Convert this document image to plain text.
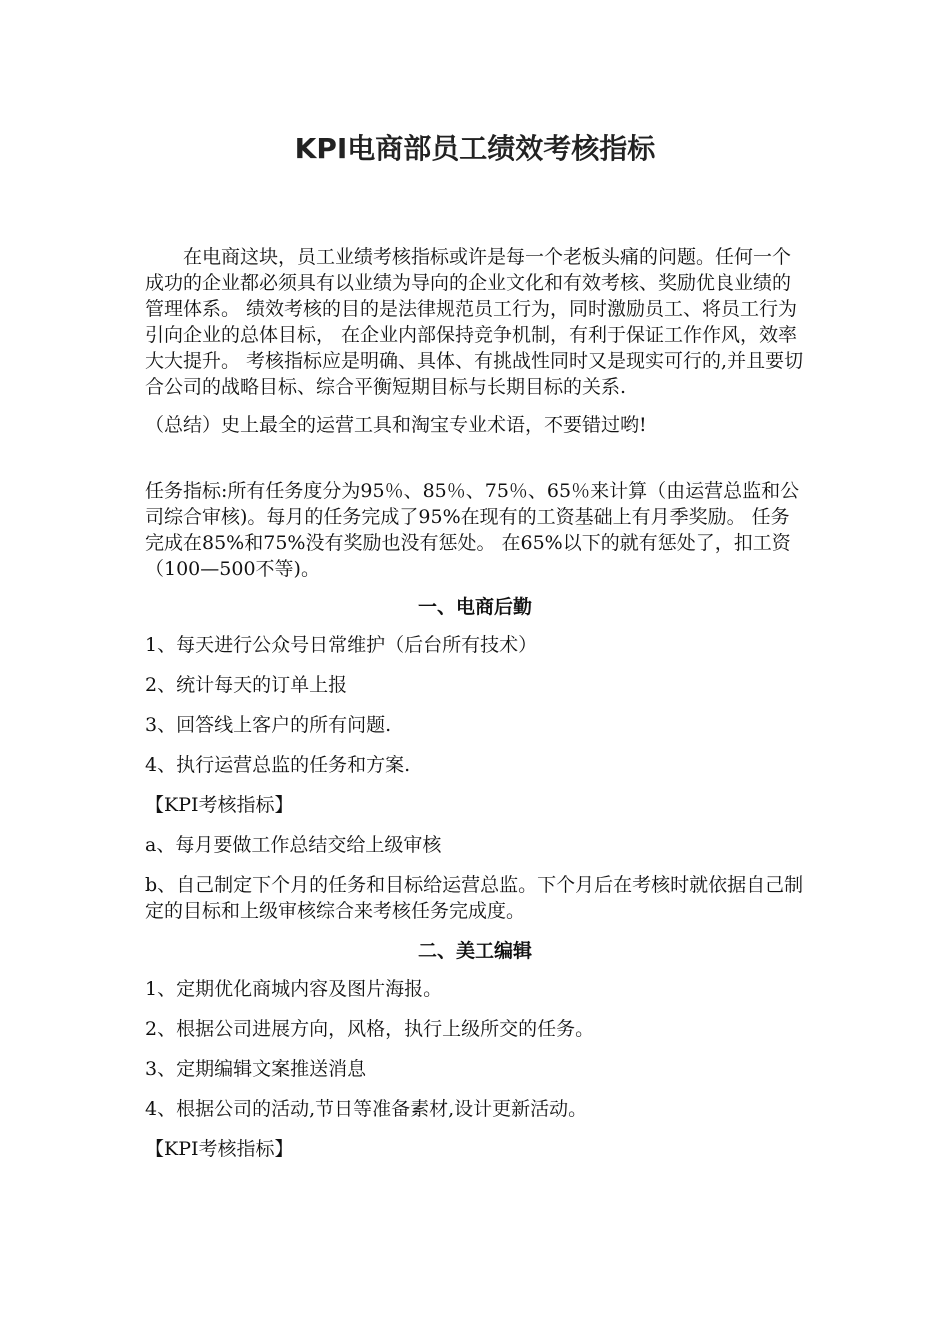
KPI电商部员工绩效考核指标

在电商这块，员工业绩考核指标或许是每一个老板头痛的问题。任何一个成功的企业都必须具有以业绩为导向的企业文化和有效考核、奖励优良业绩的管理体系。 绩效考核的目的是法律规范员工行为，同时激励员工、将员工行为引向企业的总体目标， 在企业内部保持竞争机制，有利于保证工作作风，效率大大提升。 考核指标应是明确、具体、有挑战性同时又是现实可行的,并且要切合公司的战略目标、综合平衡短期目标与长期目标的关系.

（总结）史上最全的运营工具和淘宝专业术语，不要错过哟!

任务指标:所有任务度分为95％、85％、75％、65％来计算（由运营总监和公司综合审核)。每月的任务完成了95%在现有的工资基础上有月季奖励。 任务完成在85%和75%没有奖励也没有惩处。 在65%以下的就有惩处了，扣工资（100—500不等)。

一、电商后勤

1、每天进行公众号日常维护（后台所有技术）

2、统计每天的订单上报

3、回答线上客户的所有问题.

4、执行运营总监的任务和方案.

【KPI考核指标】

a、每月要做工作总结交给上级审核

b、自己制定下个月的任务和目标给运营总监。下个月后在考核时就依据自己制定的目标和上级审核综合来考核任务完成度。

二、美工编辑

1、定期优化商城内容及图片海报。

2、根据公司进展方向，风格，执行上级所交的任务。

3、定期编辑文案推送消息

4、根据公司的活动,节日等准备素材,设计更新活动。

【KPI考核指标】
